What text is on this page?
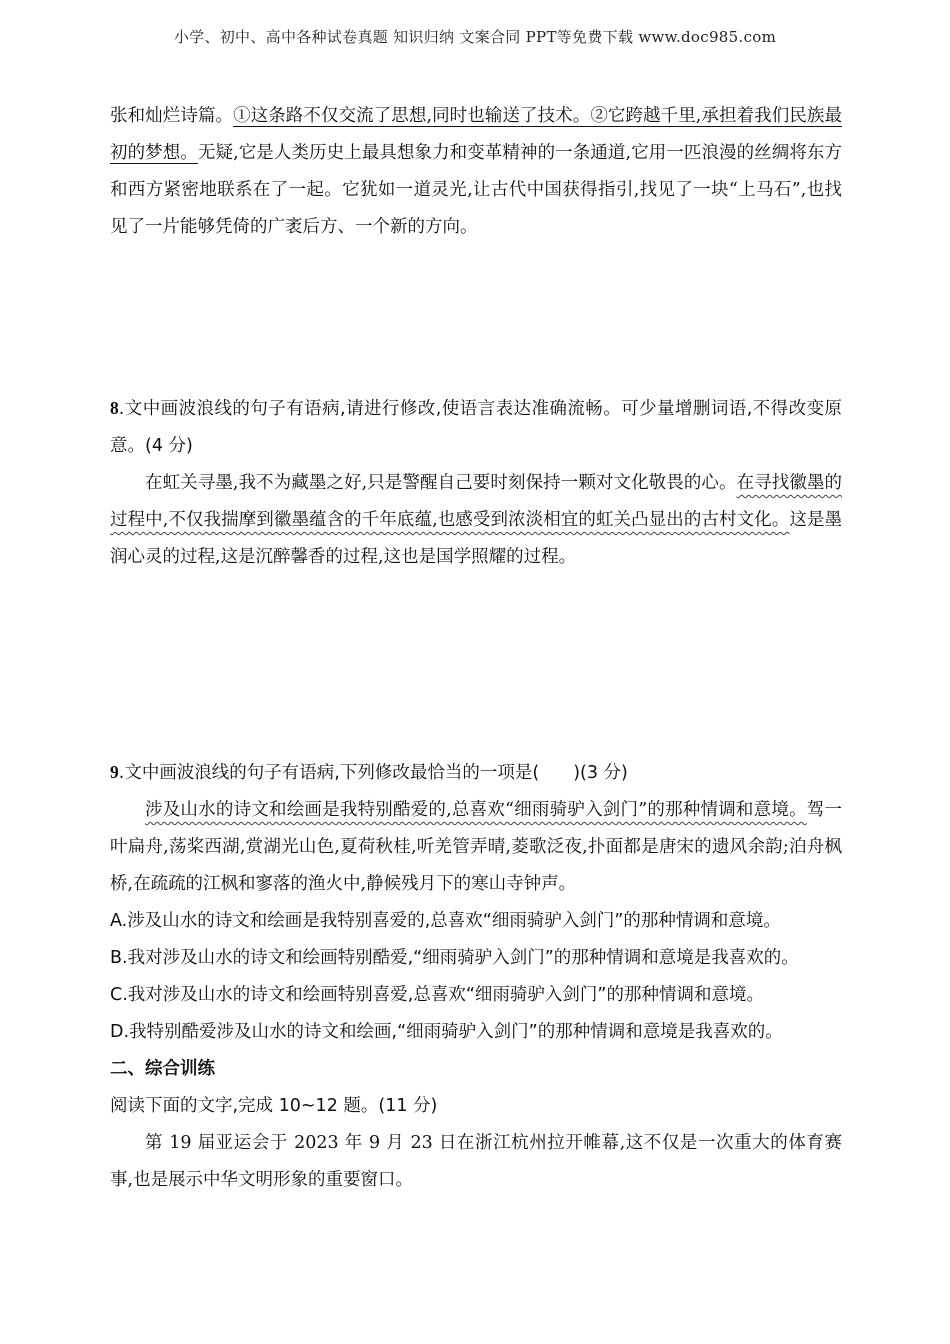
小学、初中、高中各种试卷真题 知识归纳 文案合同 PPT等免费下载 www.doc985.com

张和灿烂诗篇。①这条路不仅交流了思想,同时也输送了技术。②它跨越千里,承担着我们民族最初的梦想。无疑,它是人类历史上最具想象力和变革精神的一条通道,它用一匹浪漫的丝绸将东方和西方紧密地联系在了一起。它犹如一道灵光,让古代中国获得指引,找见了一块“上马石”,也找见了一片能够凭倚的广袤后方、一个新的方向。

8.文中画波浪线的句子有语病,请进行修改,使语言表达准确流畅。可少量增删词语,不得改变原意。(4 分)

在虹关寻墨,我不为藏墨之好,只是警醒自己要时刻保持一颗对文化敬畏的心。在寻找徽墨的过程中,不仅我揣摩到徽墨蕴含的千年底蕴,也感受到浓淡相宜的虹关凸显出的古村文化。这是墨润心灵的过程,这是沉醉馨香的过程,这也是国学照耀的过程。

9.文中画波浪线的句子有语病,下列修改最恰当的一项是( )(3 分)

涉及山水的诗文和绘画是我特别酷爱的,总喜欢“细雨骑驴入剑门”的那种情调和意境。驾一叶扁舟,荡桨西湖,赏湖光山色,夏荷秋桂,听羌管弄晴,菱歌泛夜,扑面都是唐宋的遗风余韵;泊舟枫桥,在疏疏的江枫和寥落的渔火中,静候残月下的寒山寺钟声。

A.涉及山水的诗文和绘画是我特别喜爱的,总喜欢“细雨骑驴入剑门”的那种情调和意境。

B.我对涉及山水的诗文和绘画特别酷爱,“细雨骑驴入剑门”的那种情调和意境是我喜欢的。

C.我对涉及山水的诗文和绘画特别喜爱,总喜欢“细雨骑驴入剑门”的那种情调和意境。

D.我特别酷爱涉及山水的诗文和绘画,“细雨骑驴入剑门”的那种情调和意境是我喜欢的。

二、综合训练

阅读下面的文字,完成 10~12 题。(11 分)

第 19 届亚运会于 2023 年 9 月 23 日在浙江杭州拉开帷幕,这不仅是一次重大的体育赛事,也是展示中华文明形象的重要窗口。
